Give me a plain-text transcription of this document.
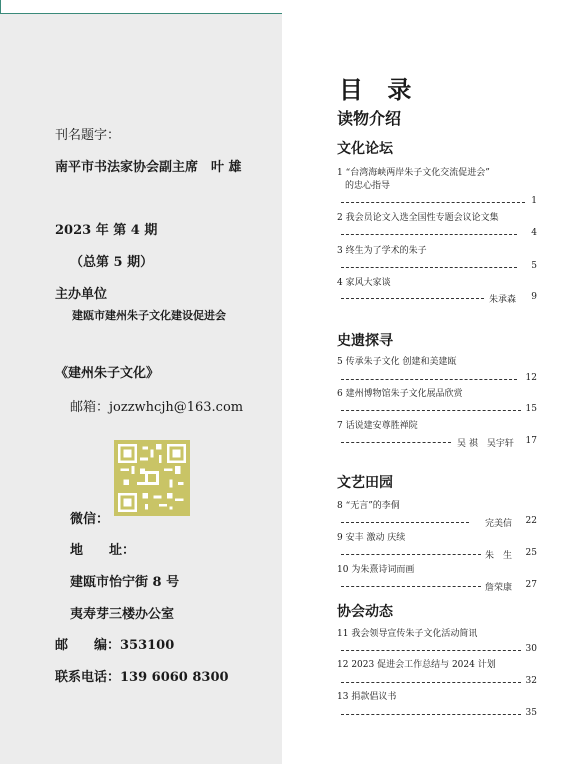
刊名题字：
南平市书法家协会副主席　叶 雄
2023 年 第 4 期
（总第 5 期）
主办单位
建瓯市建州朱子文化建设促进会
《建州朱子文化》
邮箱：jozzwhcjh@163.com
微信：
地　　址：
建瓯市怡宁街 8 号
夷寿芽三楼办公室
邮　　编：353100
联系电话：139 6060 8300
目 录
读物介绍
文化论坛
1 “台湾海峡两岸朱子文化交流促进会”
的忠心指导
1
2 我会员论文入选全国性专题会议论文集
4
3 终生为了学术的朱子
5
4 家风大家谈
朱承森 9
史遗探寻
5 传承朱子文化 创建和美建瓯
12
6 建州博物馆朱子文化展品欣赏
15
7 话说建安尊胜禅院
吴 祺　吴宇轩 17
文艺田园
8 “无言”的李侗
完美信 22
9 安丰 激动 庆续
朱　生 25
10 为朱熹诗词而画
詹荣康 27
协会动态
11 我会领导宣传朱子文化活动简讯
30
12 2023 促进会工作总结与 2024 计划
32
13 捐款倡议书
35
